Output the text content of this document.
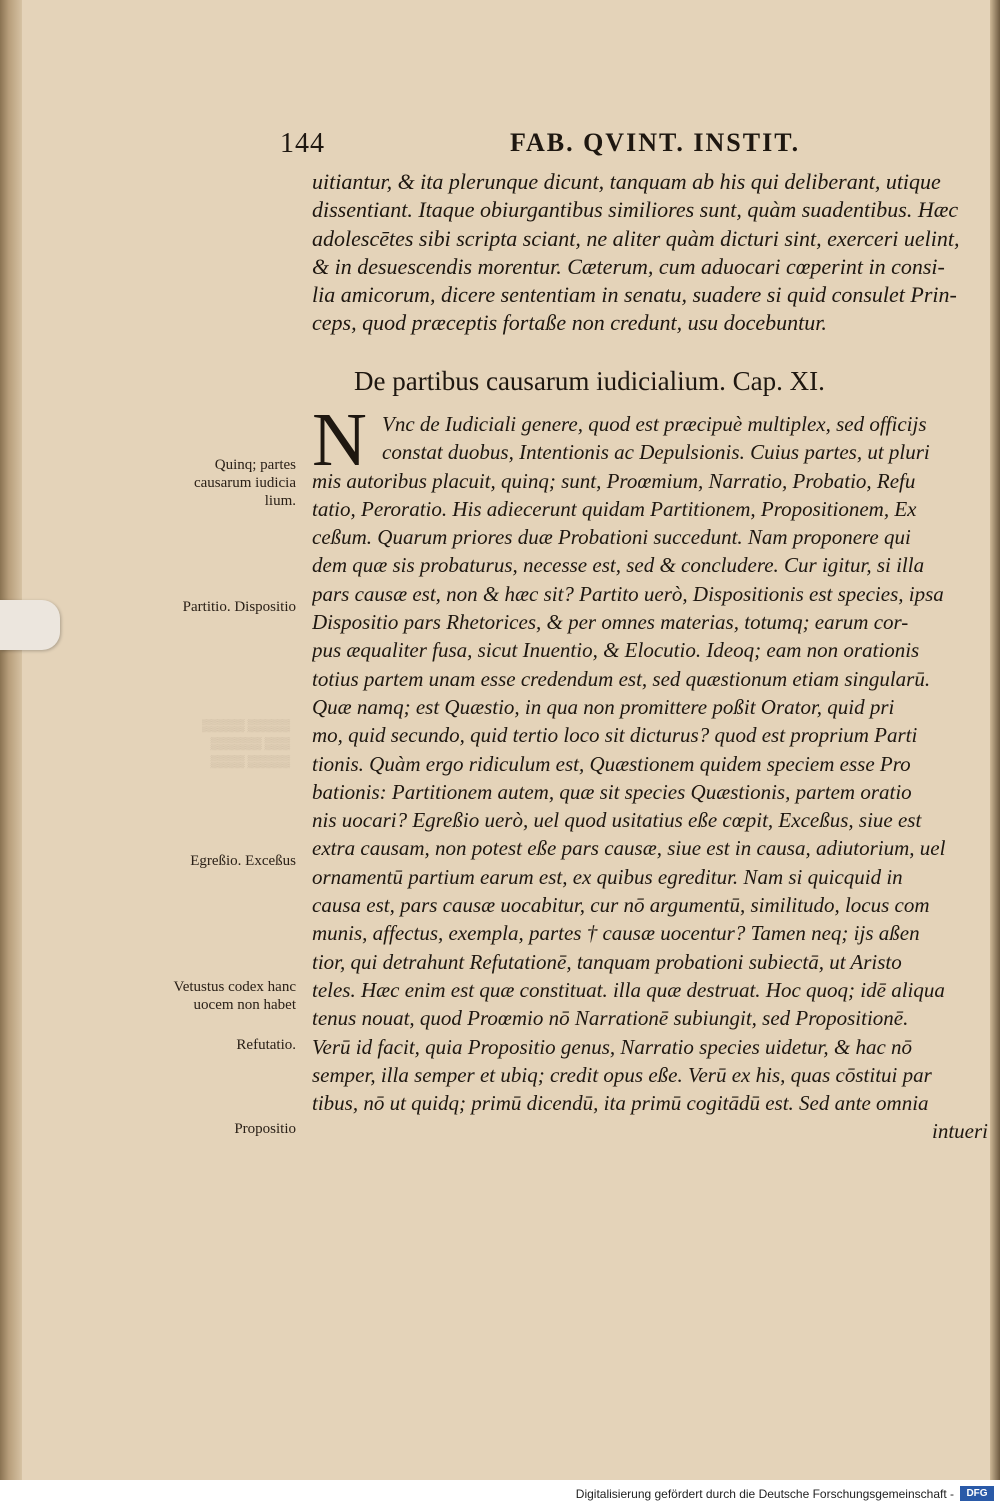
▒▒▒▒▒ ▒▒▒▒▒
▒▒▒▒▒▒ ▒▒▒
▒▒▒▒ ▒▒▒▒▒
144	FAB. QVINT. INSTIT.
uitiantur, & ita plerunque dicunt, tanquam ab his qui deliberant, utique
dissentiant. Itaque obiurgantibus similiores sunt, quàm suadentibus. Hæc
adolescētes sibi scripta sciant, ne aliter quàm dicturi sint, exerceri uelint,
& in desuescendis morentur. Cæterum, cum aduocari cœperint in consi-
lia amicorum, dicere sententiam in senatu, suadere si quid consulet Prin-
ceps, quod præceptis fortaße non credunt, usu docebuntur.
De partibus causarum iudicialium. Cap. XI.
N Vnc de Iudiciali genere, quod est præcipuè multiplex, sed officijs
constat duobus, Intentionis ac Depulsionis. Cuius partes, ut pluri
mis autoribus placuit, quinq; sunt, Proœmium, Narratio, Probatio, Refu
tatio, Peroratio. His adiecerunt quidam Partitionem, Propositionem, Ex
ceßum. Quarum priores duæ Probationi succedunt. Nam proponere qui
dem quæ sis probaturus, necesse est, sed & concludere. Cur igitur, si illa
pars causæ est, non & hæc sit? Partito uerò, Dispositionis est species, ipsa
Dispositio pars Rhetorices, & per omnes materias, totumq; earum cor-
pus æqualiter fusa, sicut Inuentio, & Elocutio. Ideoq; eam non orationis
totius partem unam esse credendum est, sed quæstionum etiam singularū.
Quæ namq; est Quæstio, in qua non promittere poßit Orator, quid pri
mo, quid secundo, quid tertio loco sit dicturus? quod est proprium Parti
tionis. Quàm ergo ridiculum est, Quæstionem quidem speciem esse Pro
bationis: Partitionem autem, quæ sit species Quæstionis, partem oratio
nis uocari? Egreßio uerò, uel quod usitatius eße cœpit, Exceßus, siue est
extra causam, non potest eße pars causæ, siue est in causa, adiutorium, uel
ornamentū partium earum est, ex quibus egreditur. Nam si quicquid in
causa est, pars causæ uocabitur, cur nō argumentū, similitudo, locus com
munis, affectus, exempla, partes † causæ uocentur? Tamen neq; ijs aßen
tior, qui detrahunt Refutationē, tanquam probationi subiectā, ut Aristo
teles. Hæc enim est quæ constituat. illa quæ destruat. Hoc quoq; idē aliqua
tenus nouat, quod Proœmio nō Narrationē subiungit, sed Propositionē.
Verū id facit, quia Propositio genus, Narratio species uidetur, & hac nō
semper, illa semper et ubiq; credit opus eße. Verū ex his, quas cōstitui par
tibus, nō ut quidq; primū dicendū, ita primū cogitādū est. Sed ante omnia
intueri
Quinq; partes causarum iudicia lium.
Partitio. Dispositio
Egreßio. Exceßus
Vetustus codex hanc uocem non habet
Refutatio.
Propositio
Digitalisierung gefördert durch die Deutsche Forschungsgemeinschaft -	DFG
